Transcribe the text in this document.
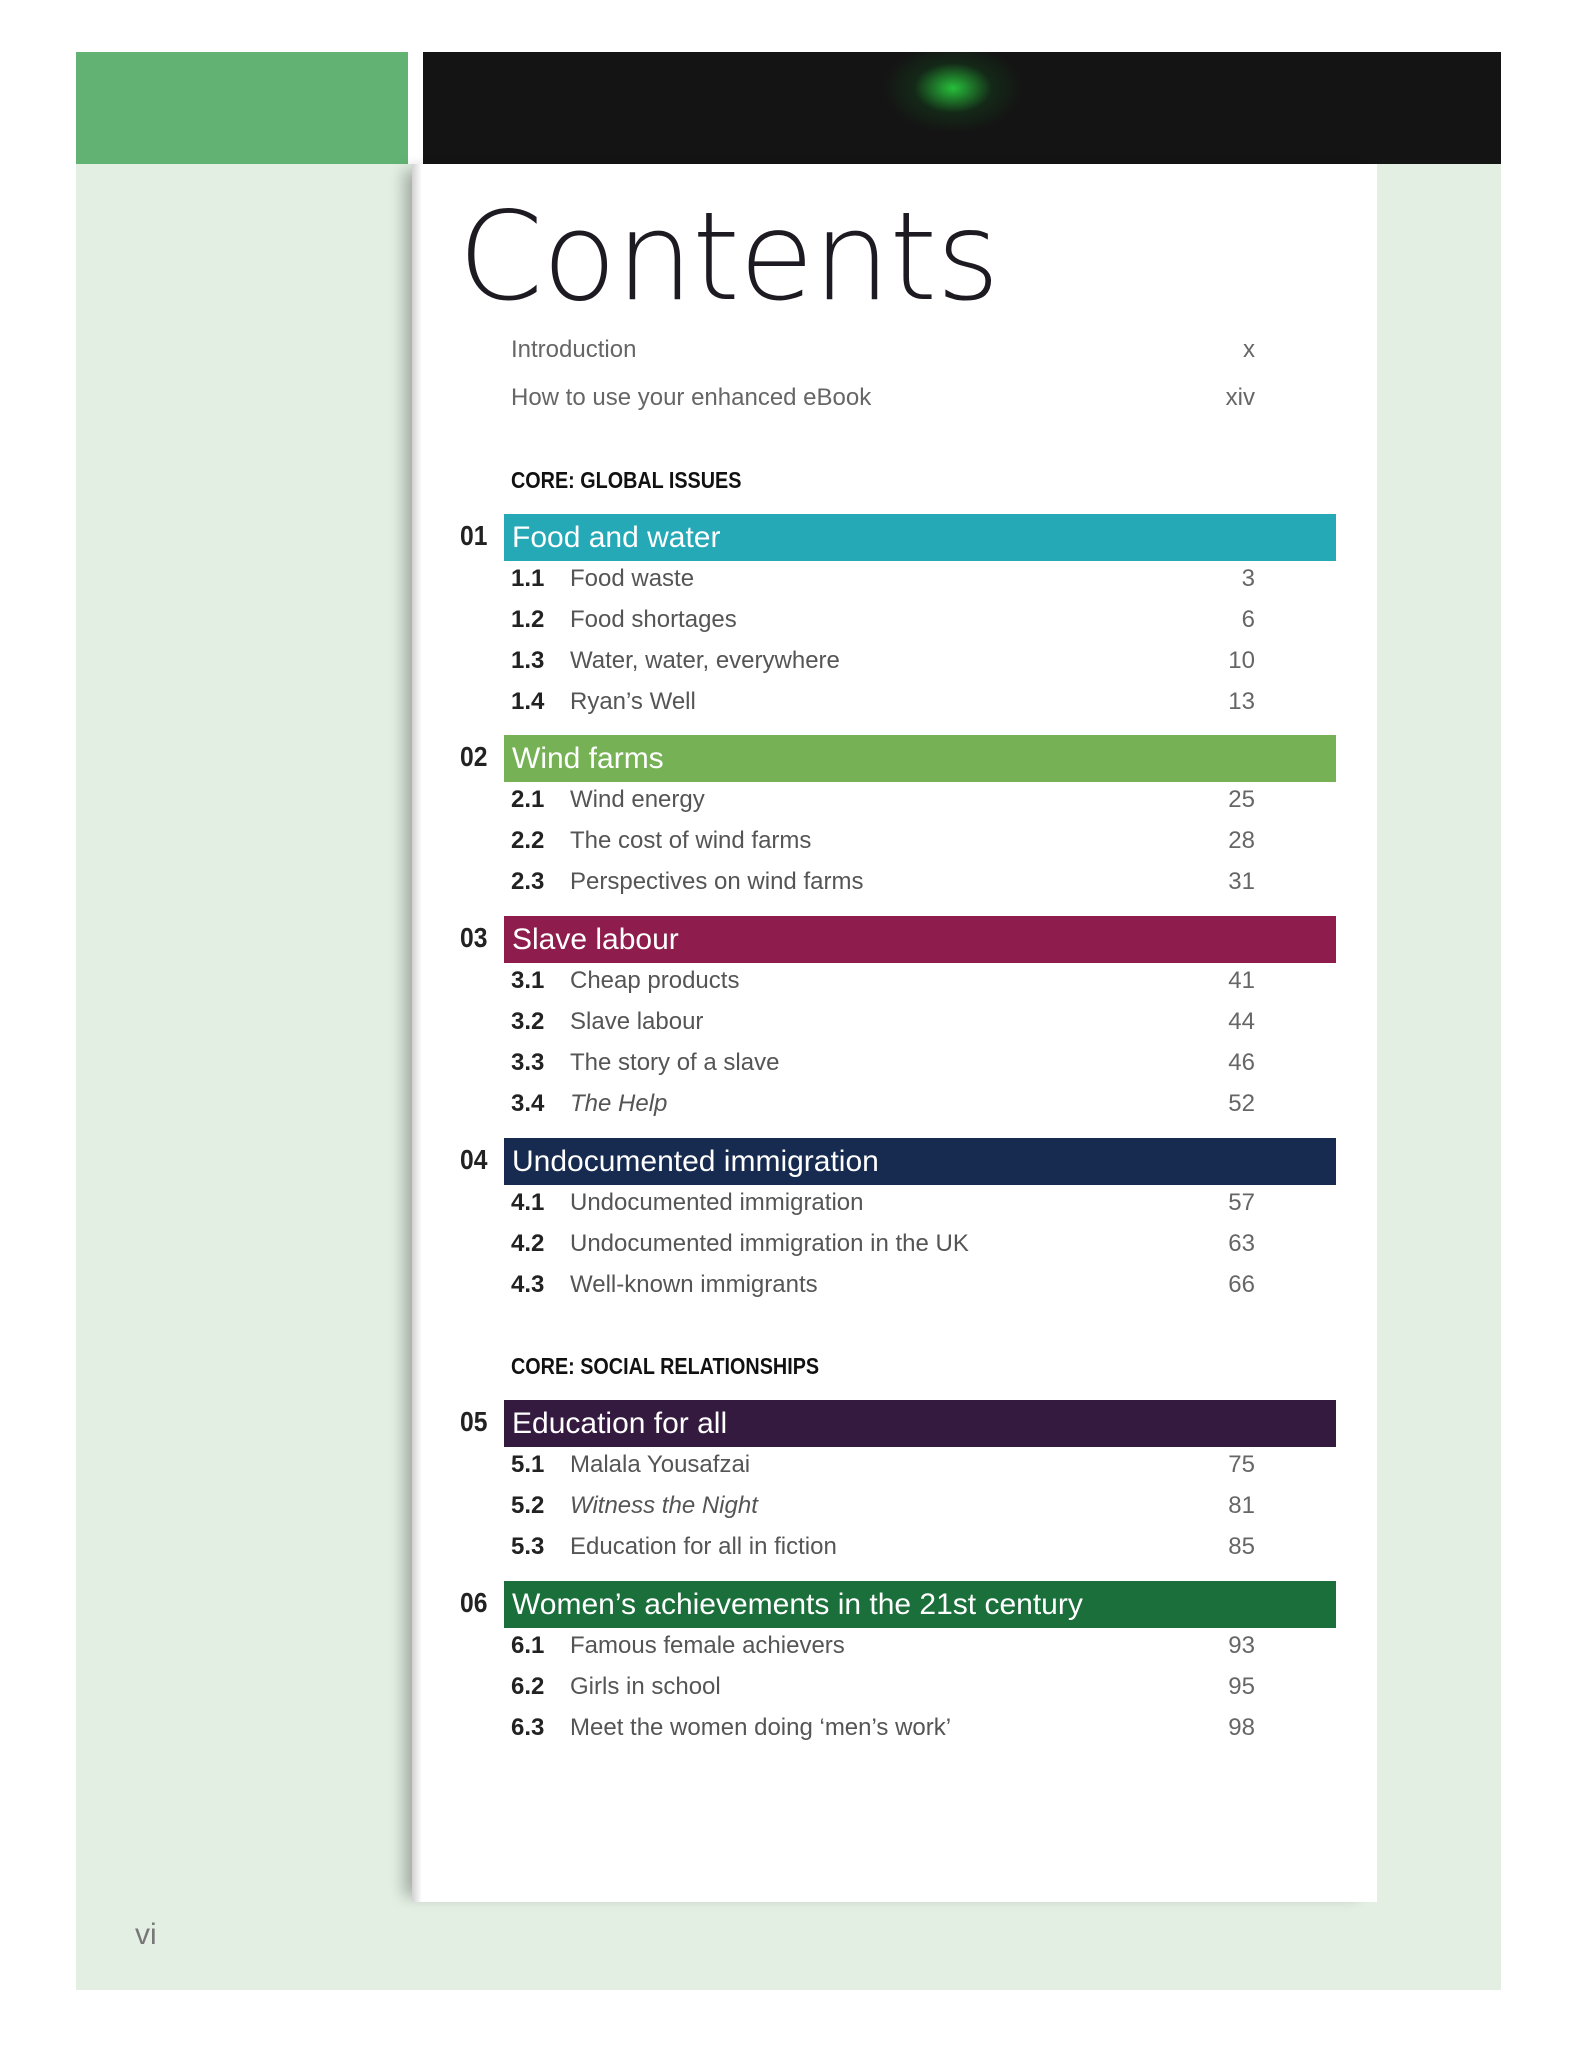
Contents
Introduction	x
How to use your enhanced eBook	xiv
CORE: GLOBAL ISSUES
01 Food and water
1.1 Food waste	3
1.2 Food shortages	6
1.3 Water, water, everywhere	10
1.4 Ryan’s Well	13
02 Wind farms
2.1 Wind energy	25
2.2 The cost of wind farms	28
2.3 Perspectives on wind farms	31
03 Slave labour
3.1 Cheap products	41
3.2 Slave labour	44
3.3 The story of a slave	46
3.4 The Help	52
04 Undocumented immigration
4.1 Undocumented immigration	57
4.2 Undocumented immigration in the UK	63
4.3 Well-known immigrants	66
CORE: SOCIAL RELATIONSHIPS
05 Education for all
5.1 Malala Yousafzai	75
5.2 Witness the Night	81
5.3 Education for all in fiction	85
06 Women’s achievements in the 21st century
6.1 Famous female achievers	93
6.2 Girls in school	95
6.3 Meet the women doing ‘men’s work’	98
vi
